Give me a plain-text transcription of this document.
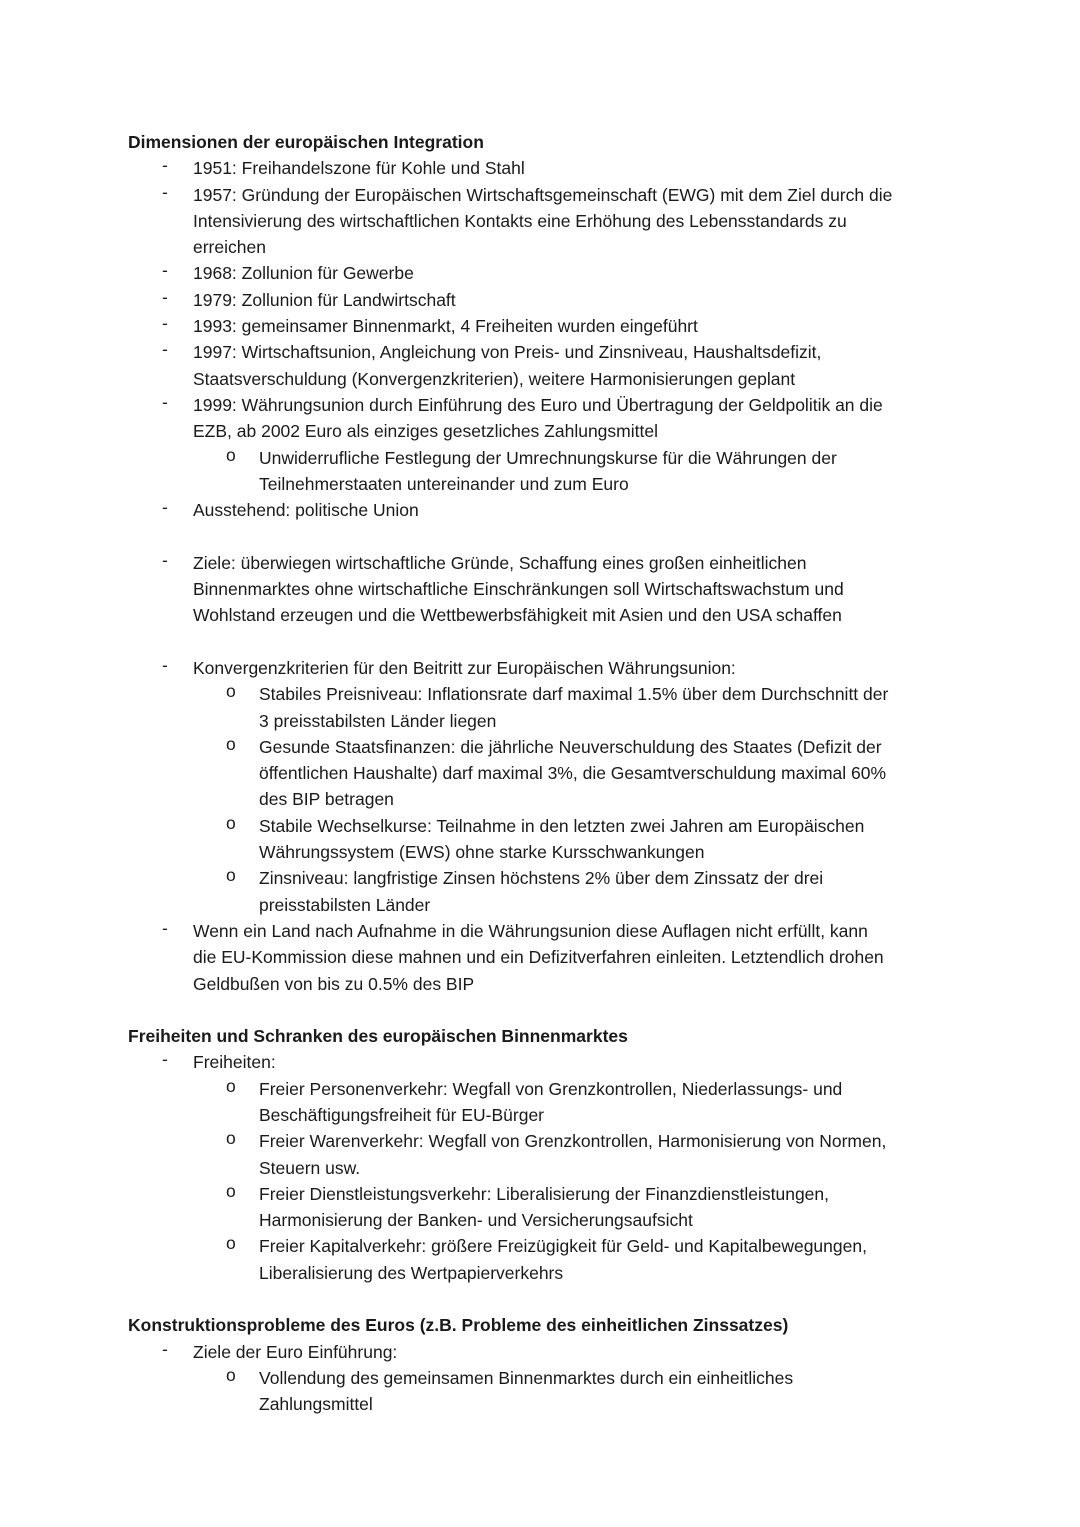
Dimensionen der europäischen Integration
- 1951: Freihandelszone für Kohle und Stahl
- 1957: Gründung der Europäischen Wirtschaftsgemeinschaft (EWG) mit dem Ziel durch die
Intensivierung des wirtschaftlichen Kontakts eine Erhöhung des Lebensstandards zu
erreichen
- 1968: Zollunion für Gewerbe
- 1979: Zollunion für Landwirtschaft
- 1993: gemeinsamer Binnenmarkt, 4 Freiheiten wurden eingeführt
- 1997: Wirtschaftsunion, Angleichung von Preis- und Zinsniveau, Haushaltsdefizit,
Staatsverschuldung (Konvergenzkriterien), weitere Harmonisierungen geplant
- 1999: Währungsunion durch Einführung des Euro und Übertragung der Geldpolitik an die
EZB, ab 2002 Euro als einziges gesetzliches Zahlungsmittel
o Unwiderrufliche Festlegung der Umrechnungskurse für die Währungen der
Teilnehmerstaaten untereinander und zum Euro
- Ausstehend: politische Union
- Ziele: überwiegen wirtschaftliche Gründe, Schaffung eines großen einheitlichen
Binnenmarktes ohne wirtschaftliche Einschränkungen soll Wirtschaftswachstum und
Wohlstand erzeugen und die Wettbewerbsfähigkeit mit Asien und den USA schaffen
- Konvergenzkriterien für den Beitritt zur Europäischen Währungsunion:
o Stabiles Preisniveau: Inflationsrate darf maximal 1.5% über dem Durchschnitt der
3 preisstabilsten Länder liegen
o Gesunde Staatsfinanzen: die jährliche Neuverschuldung des Staates (Defizit der
öffentlichen Haushalte) darf maximal 3%, die Gesamtverschuldung maximal 60%
des BIP betragen
o Stabile Wechselkurse: Teilnahme in den letzten zwei Jahren am Europäischen
Währungssystem (EWS) ohne starke Kursschwankungen
o Zinsniveau: langfristige Zinsen höchstens 2% über dem Zinssatz der drei
preisstabilsten Länder
- Wenn ein Land nach Aufnahme in die Währungsunion diese Auflagen nicht erfüllt, kann
die EU-Kommission diese mahnen und ein Defizitverfahren einleiten. Letztendlich drohen
Geldbußen von bis zu 0.5% des BIP
Freiheiten und Schranken des europäischen Binnenmarktes
- Freiheiten:
o Freier Personenverkehr: Wegfall von Grenzkontrollen, Niederlassungs- und
Beschäftigungsfreiheit für EU-Bürger
o Freier Warenverkehr: Wegfall von Grenzkontrollen, Harmonisierung von Normen,
Steuern usw.
o Freier Dienstleistungsverkehr: Liberalisierung der Finanzdienstleistungen,
Harmonisierung der Banken- und Versicherungsaufsicht
o Freier Kapitalverkehr: größere Freizügigkeit für Geld- und Kapitalbewegungen,
Liberalisierung des Wertpapierverkehrs
Konstruktionsprobleme des Euros (z.B. Probleme des einheitlichen Zinssatzes)
- Ziele der Euro Einführung:
o Vollendung des gemeinsamen Binnenmarktes durch ein einheitliches
Zahlungsmittel
